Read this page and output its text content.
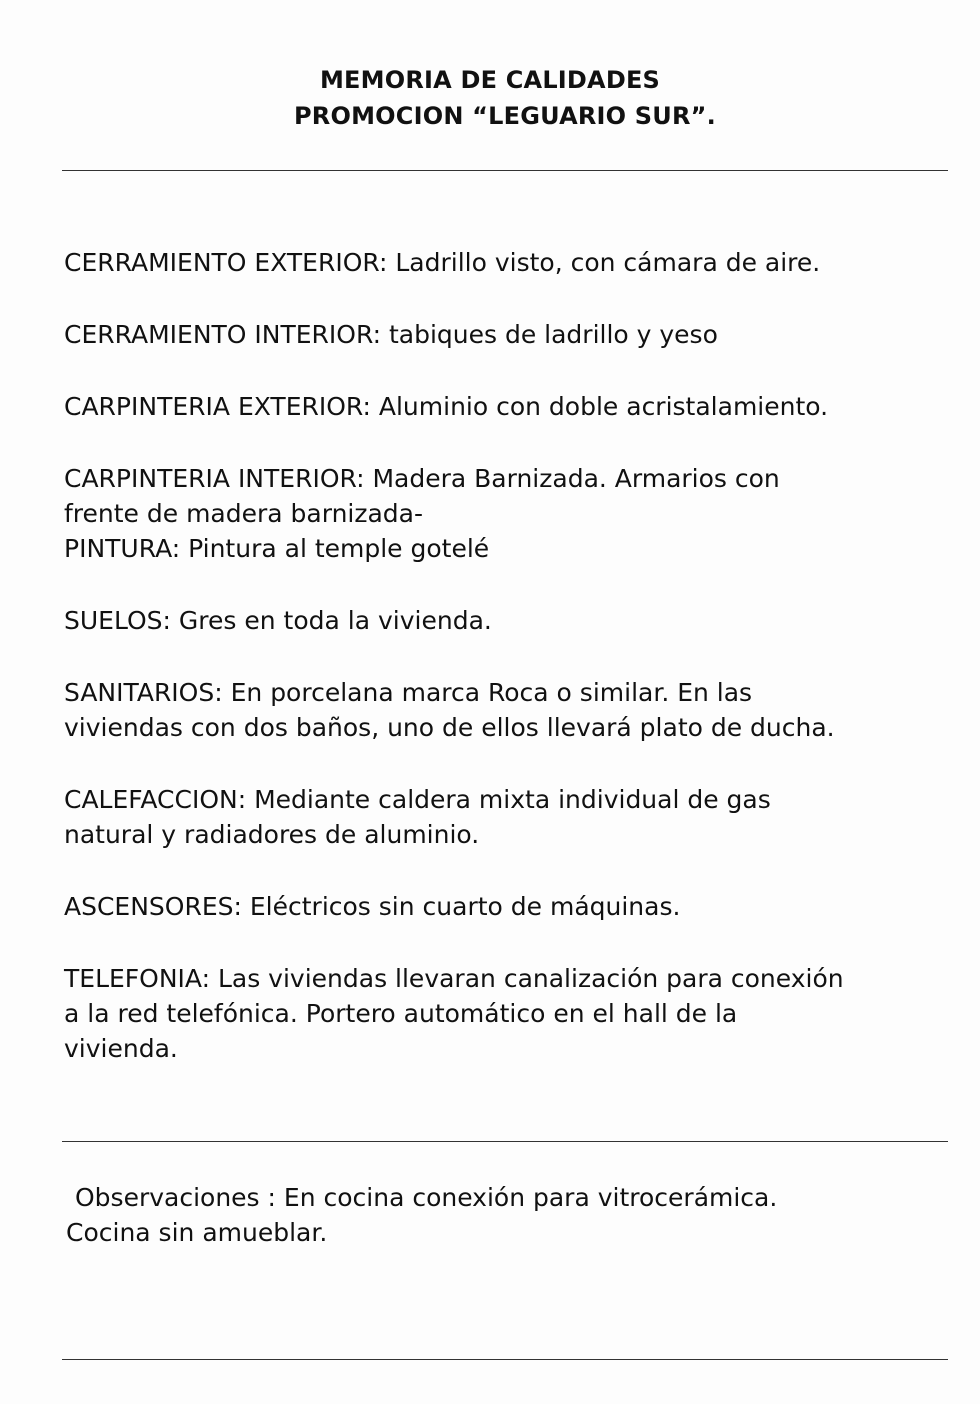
MEMORIA DE CALIDADES
PROMOCION “LEGUARIO SUR”.

CERRAMIENTO EXTERIOR: Ladrillo visto, con cámara de aire.

CERRAMIENTO INTERIOR: tabiques de ladrillo y yeso

CARPINTERIA EXTERIOR: Aluminio con doble acristalamiento.

CARPINTERIA INTERIOR: Madera Barnizada. Armarios con

frente de madera barnizada-

PINTURA: Pintura al temple gotelé

SUELOS: Gres en toda la vivienda.

SANITARIOS: En porcelana marca Roca o similar. En las

viviendas con dos baños, uno de ellos llevará plato de ducha.

CALEFACCION: Mediante caldera mixta individual de gas

natural y radiadores de aluminio.

ASCENSORES: Eléctricos sin cuarto de máquinas.

TELEFONIA: Las viviendas llevaran canalización para conexión

a la red telefónica. Portero automático en el hall de la

vivienda.

Observaciones : En cocina conexión para vitrocerámica.

Cocina sin amueblar.
